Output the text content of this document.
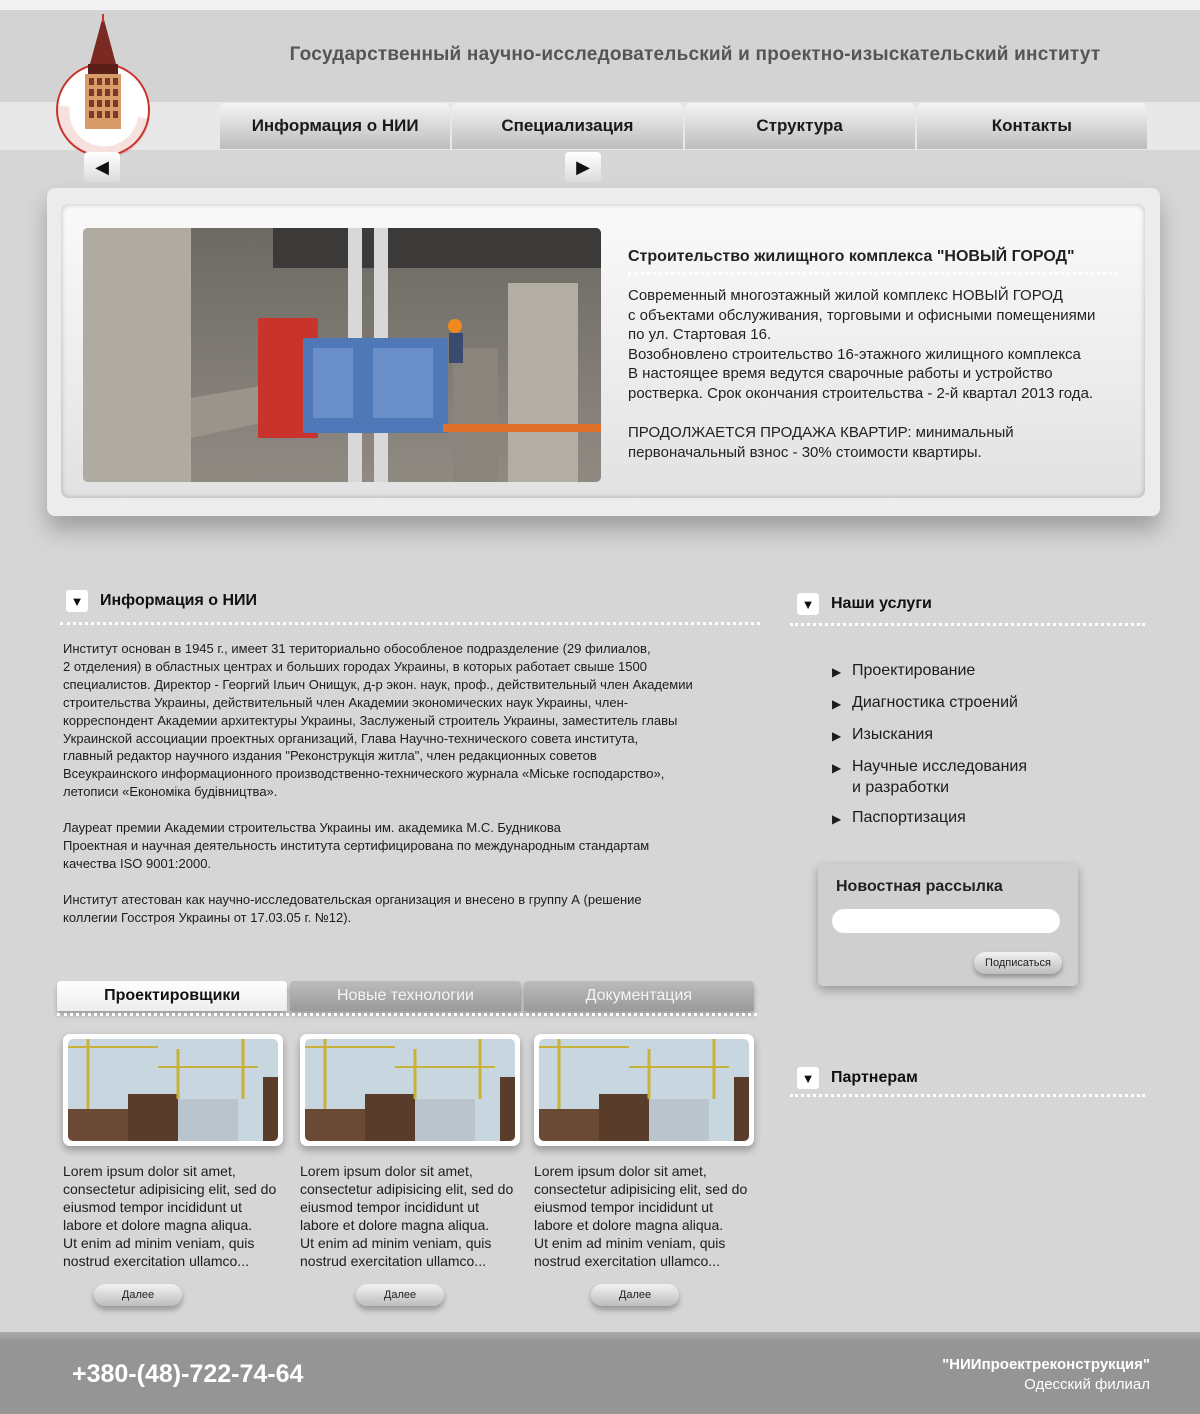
Государственный научно-исследовательский и проектно-изыскательский институт
Информация о НИИ	Специализация	Структура	Контакты
◀	▶
Строительство жилищного комплекса "НОВЫЙ ГОРОД"

Современный многоэтажный жилой комплекс НОВЫЙ ГОРОД
с объектами обслуживания, торговыми и офисными помещениями
по ул. Стартовая 16.
Возобновлено строительство 16-этажного жилищного комплекса
В настоящее время ведутся сварочные работы и устройство
ростверка. Срок окончания строительства - 2-й квартал 2013 года.

ПРОДОЛЖАЕТСЯ ПРОДАЖА КВАРТИР: минимальный
первоначальный взнос - 30% стоимости квартиры.

▼ Информация о НИИ

Институт основан в 1945 г., имеет 31 териториально обособленое подразделение (29 филиалов,
2 отделения) в областных центрах и больших городах Украины, в которых работает свыше 1500
специалистов. Директор - Георгий Ільич Онищук, д-р экон. наук, проф., действительный член Академии
строительства Украины, действительный член Академии экономических наук Украины, член-
корреспондент Академии архитектуры Украины, Заслуженый строитель Украины, заместитель главы
Украинской ассоциации проектных организаций, Глава Научно-технического совета института,
главный редактор научного издания "Реконструкція житла", член редакционных советов
Всеукраинского информационного производственно-технического журнала «Міське господарство»,
летописи «Економіка будівництва».

Лауреат премии Академии строительства Украины им. академика М.С. Будникова
Проектная и научная деятельность института сертифицирована по международным стандартам
качества ISO 9001:2000.

Институт атестован как научно-исследовательская организация и внесено в группу А (решение
коллегии Госстроя Украины от 17.03.05 г. №12).

▼ Наши услуги
▶ Проектирование
▶ Диагностика строений
▶ Изыскания
▶ Научные исследования
и разработки
▶ Паспортизация
Новостная рассылка
Подписаться
▼ Партнерам
Проектировщики	Новые технологии	Документация
Lorem ipsum dolor sit amet,
consectetur adipisicing elit, sed do
eiusmod tempor incididunt ut
labore et dolore magna aliqua.
Ut enim ad minim veniam, quis
nostrud exercitation ullamco...
Lorem ipsum dolor sit amet,
consectetur adipisicing elit, sed do
eiusmod tempor incididunt ut
labore et dolore magna aliqua.
Ut enim ad minim veniam, quis
nostrud exercitation ullamco...
Lorem ipsum dolor sit amet,
consectetur adipisicing elit, sed do
eiusmod tempor incididunt ut
labore et dolore magna aliqua.
Ut enim ad minim veniam, quis
nostrud exercitation ullamco...
Далее	Далее	Далее
+380-(48)-722-74-64	"НИИпроектреконструкция"
Одесский филиал
